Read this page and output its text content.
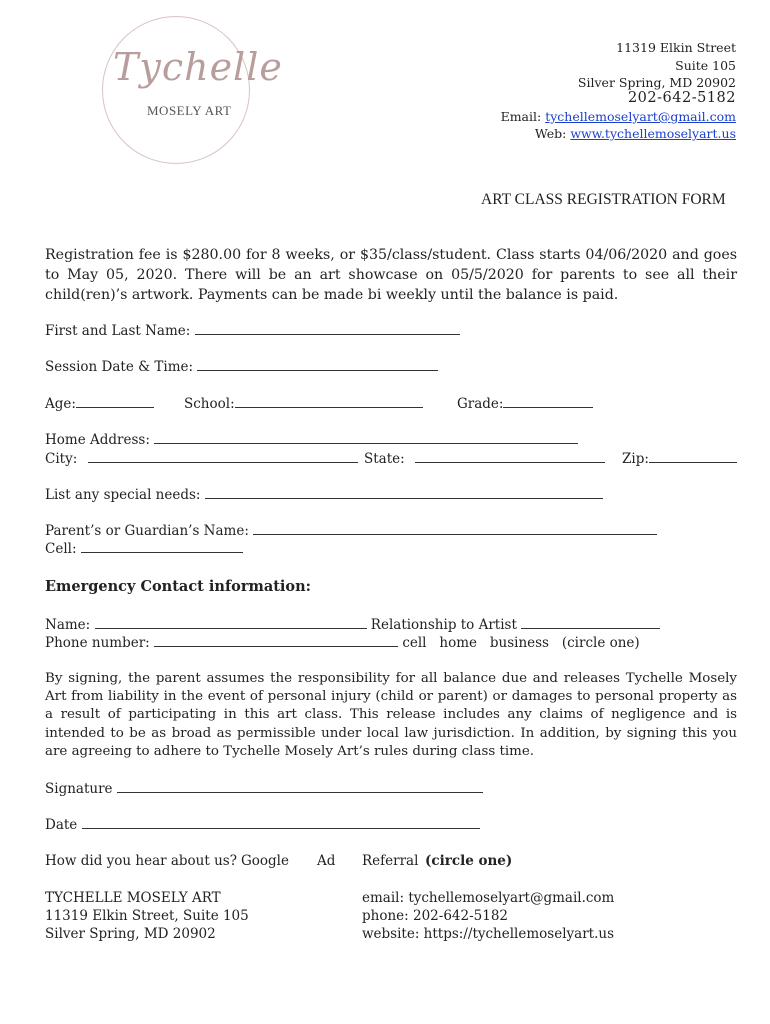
Tychelle
MOSELY ART
11319 Elkin Street
Suite 105
Silver Spring, MD 20902
202-642-5182
Email: tychellemoselyart@gmail.com
Web: www.tychellemoselyart.us
ART CLASS REGISTRATION FORM
Registration fee is $280.00 for 8 weeks, or $35/class/student. Class starts 04/06/2020 and goes to May 05, 2020. There will be an art showcase on 05/5/2020 for parents to see all their child(ren)’s artwork. Payments can be made bi weekly until the balance is paid.
First and Last Name:
Session Date & Time:
Age:	School:	Grade:
Home Address:
City:	State:	Zip:
List any special needs:
Parent’s or Guardian’s Name:
Cell:
Emergency Contact information:
Name:	Relationship to Artist
Phone number:	cell   home   business   (circle one)
By signing, the parent assumes the responsibility for all balance due and releases Tychelle Mosely Art from liability in the event of personal injury (child or parent) or damages to personal property as a result of participating in this art class. This release includes any claims of negligence and is intended to be as broad as permissible under local law jurisdiction. In addition, by signing this you are agreeing to adhere to Tychelle Mosely Art’s rules during class time.
Signature
Date
How did you hear about us? Google Ad Referral (circle one)
TYCHELLE MOSELY ART
11319 Elkin Street, Suite 105
Silver Spring, MD 20902
email: tychellemoselyart@gmail.com
phone: 202-642-5182
website: https://tychellemoselyart.us
